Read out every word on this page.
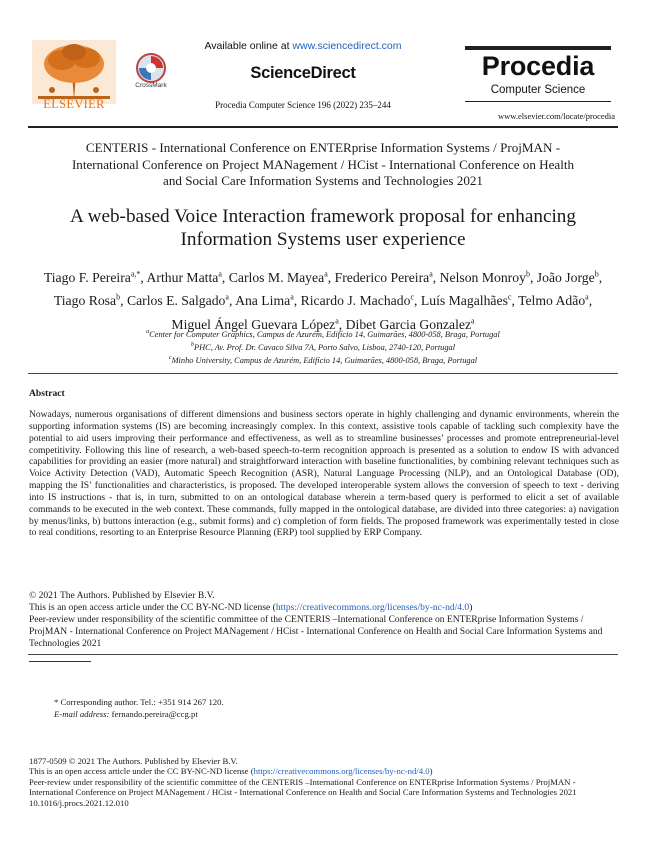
ELSEVIER
CrossMark
Available online at www.sciencedirect.com
ScienceDirect
Procedia Computer Science 196 (2022) 235–244
Procedia
Computer Science
www.elsevier.com/locate/procedia
CENTERIS - International Conference on ENTERprise Information Systems / ProjMAN -
International Conference on Project MANagement / HCist - International Conference on Health
and Social Care Information Systems and Technologies 2021
A web-based Voice Interaction framework proposal for enhancing
Information Systems user experience
Tiago F. Pereira$^{a,*}$, Arthur Matta$^a$, Carlos M. Mayea$^a$, Frederico Pereira$^a$, Nelson Monroy$^b$, João Jorge$^b$, Tiago Rosa$^b$, Carlos E. Salgado$^a$, Ana Lima$^a$, Ricardo J. Machado$^c$, Luís Magalhães$^c$, Telmo Adão$^a$, Miguel Ángel Guevara López$^a$, Dibet Garcia Gonzalez$^a$
$^a$Center for Computer Graphics, Campus de Azurém, Edifício 14, Guimarães, 4800-058, Braga, Portugal
$^b$PHC, Av. Prof. Dr. Cavaco Silva 7A, Porto Salvo, Lisboa, 2740-120, Portugal
$^c$Minho University, Campus de Azurém, Edifício 14, Guimarães, 4800-058, Braga, Portugal
Abstract
Nowadays, numerous organisations of different dimensions and business sectors operate in highly challenging and dynamic environments, wherein the supporting information systems (IS) are becoming increasingly complex. In this context, assistive tools capable of tackling such complexity have the potential to aid users improving their performance and effectiveness, as well as to streamline businesses’ processes and promote entrepreneurial-level competitivity. Following this line of research, a web-based speech-to-term recognition approach is presented as a solution to endow IS with advanced capabilities for providing an easier (more natural) and straightforward interaction with baseline functionalities, by combining relevant techniques such as Voice Activity Detection (VAD), Automatic Speech Recognition (ASR), Natural Language Processing (NLP), and an Ontological Database (OD), mapping the IS’ functionalities and characteristics, is proposed. The developed interoperable system allows the conversion of speech to text - deriving into IS instructions - that is, in turn, submitted to on an ontological database wherein a term-based query is performed to elicit a set of available commands to be executed in the web context. These commands, fully mapped in the ontological database, are divided into three categories: a) navigation by menus/links, b) buttons interaction (e.g., submit forms) and c) completion of form fields. The proposed framework was experimentally tested in close to real conditions, resorting to an Enterprise Resource Planning (ERP) tool supplied by ERP Company.
© 2021 The Authors. Published by Elsevier B.V.
This is an open access article under the CC BY-NC-ND license (https://creativecommons.org/licenses/by-nc-nd/4.0)
Peer-review under responsibility of the scientific committee of the CENTERIS –International Conference on ENTERprise Information Systems / ProjMAN - International Conference on Project MANagement / HCist - International Conference on Health and Social Care Information Systems and Technologies 2021
* Corresponding author. Tel.: +351 914 267 120.
E-mail address: fernando.pereira@ccg.pt
1877-0509 © 2021 The Authors. Published by Elsevier B.V.
This is an open access article under the CC BY-NC-ND license (https://creativecommons.org/licenses/by-nc-nd/4.0)
Peer-review under responsibility of the scientific committee of the CENTERIS –International Conference on ENTERprise Information Systems / ProjMAN - International Conference on Project MANagement / HCist - International Conference on Health and Social Care Information Systems and Technologies 2021
10.1016/j.procs.2021.12.010
